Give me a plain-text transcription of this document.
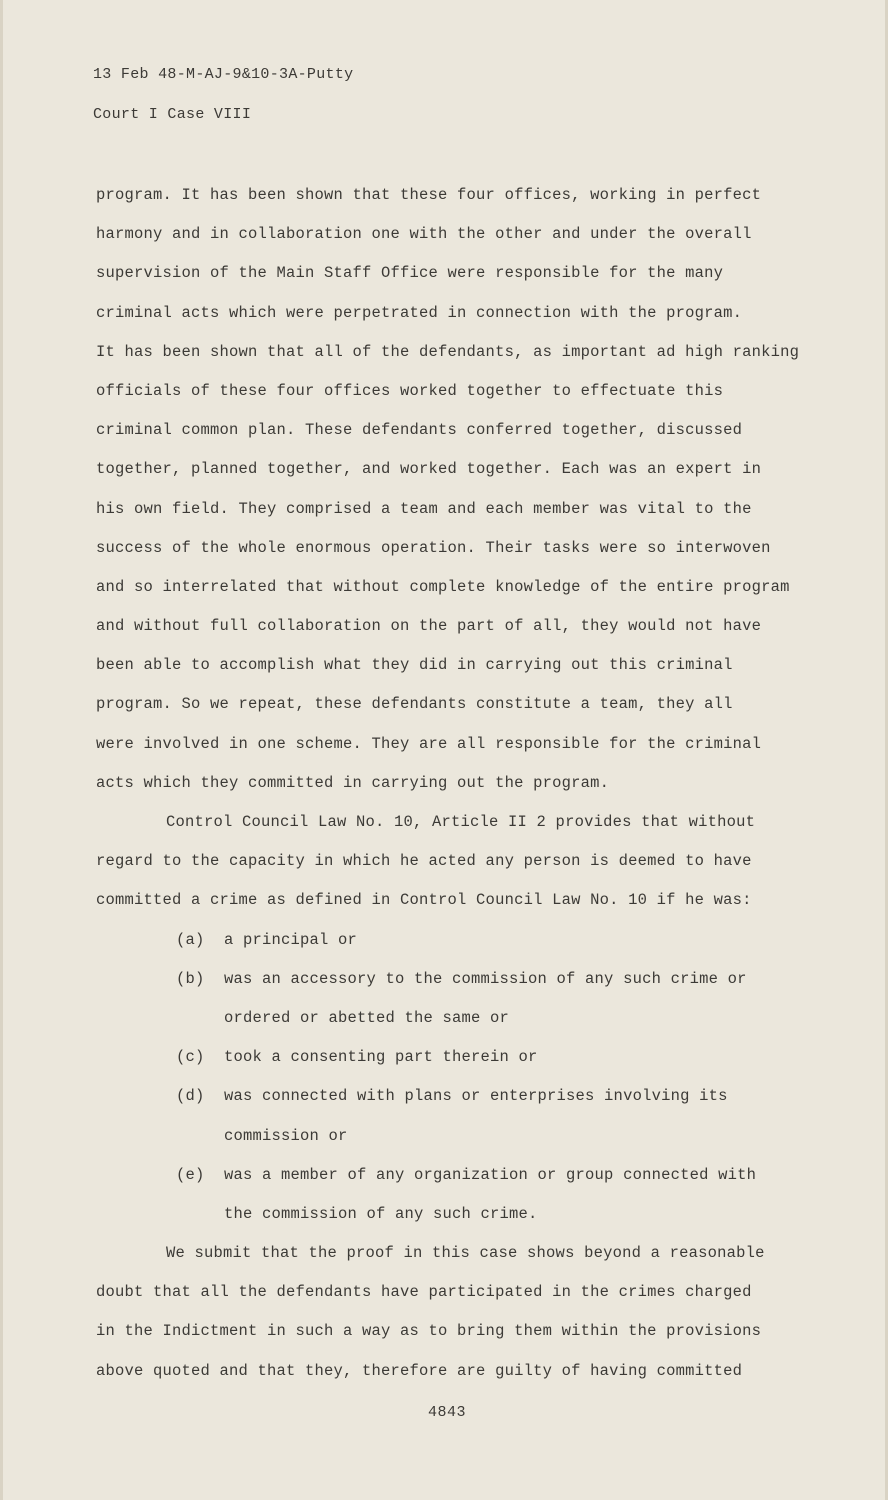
13 Feb 48-M-AJ-9&10-3A-Putty
Court I Case VIII
program. It has been shown that these four offices, working in perfect
harmony and in collaboration one with the other and under the overall
supervision of the Main Staff Office were responsible for the many
criminal acts which were perpetrated in connection with the program.
It has been shown that all of the defendants, as important ad high ranking
officials of these four offices worked together to effectuate this
criminal common plan. These defendants conferred together, discussed
together, planned together, and worked together. Each was an expert in
his own field. They comprised a team and each member was vital to the
success of the whole enormous operation. Their tasks were so interwoven
and so interrelated that without complete knowledge of the entire program
and without full collaboration on the part of all, they would not have
been able to accomplish what they did in carrying out this criminal
program. So we repeat, these defendants constitute a team, they all
were involved in one scheme. They are all responsible for the criminal
acts which they committed in carrying out the program.
Control Council Law No. 10, Article II 2 provides that without
regard to the capacity in which he acted any person is deemed to have
committed a crime as defined in Control Council Law No. 10 if he was:
(a)	a principal or
(b)	was an accessory to the commission of any such crime or
ordered or abetted the same or
(c)	took a consenting part therein or
(d)	was connected with plans or enterprises involving its
commission or
(e)	was a member of any organization or group connected with
the commission of any such crime.
We submit that the proof in this case shows beyond a reasonable
doubt that all the defendants have participated in the crimes charged
in the Indictment in such a way as to bring them within the provisions
above quoted and that they, therefore are guilty of having committed
4843
